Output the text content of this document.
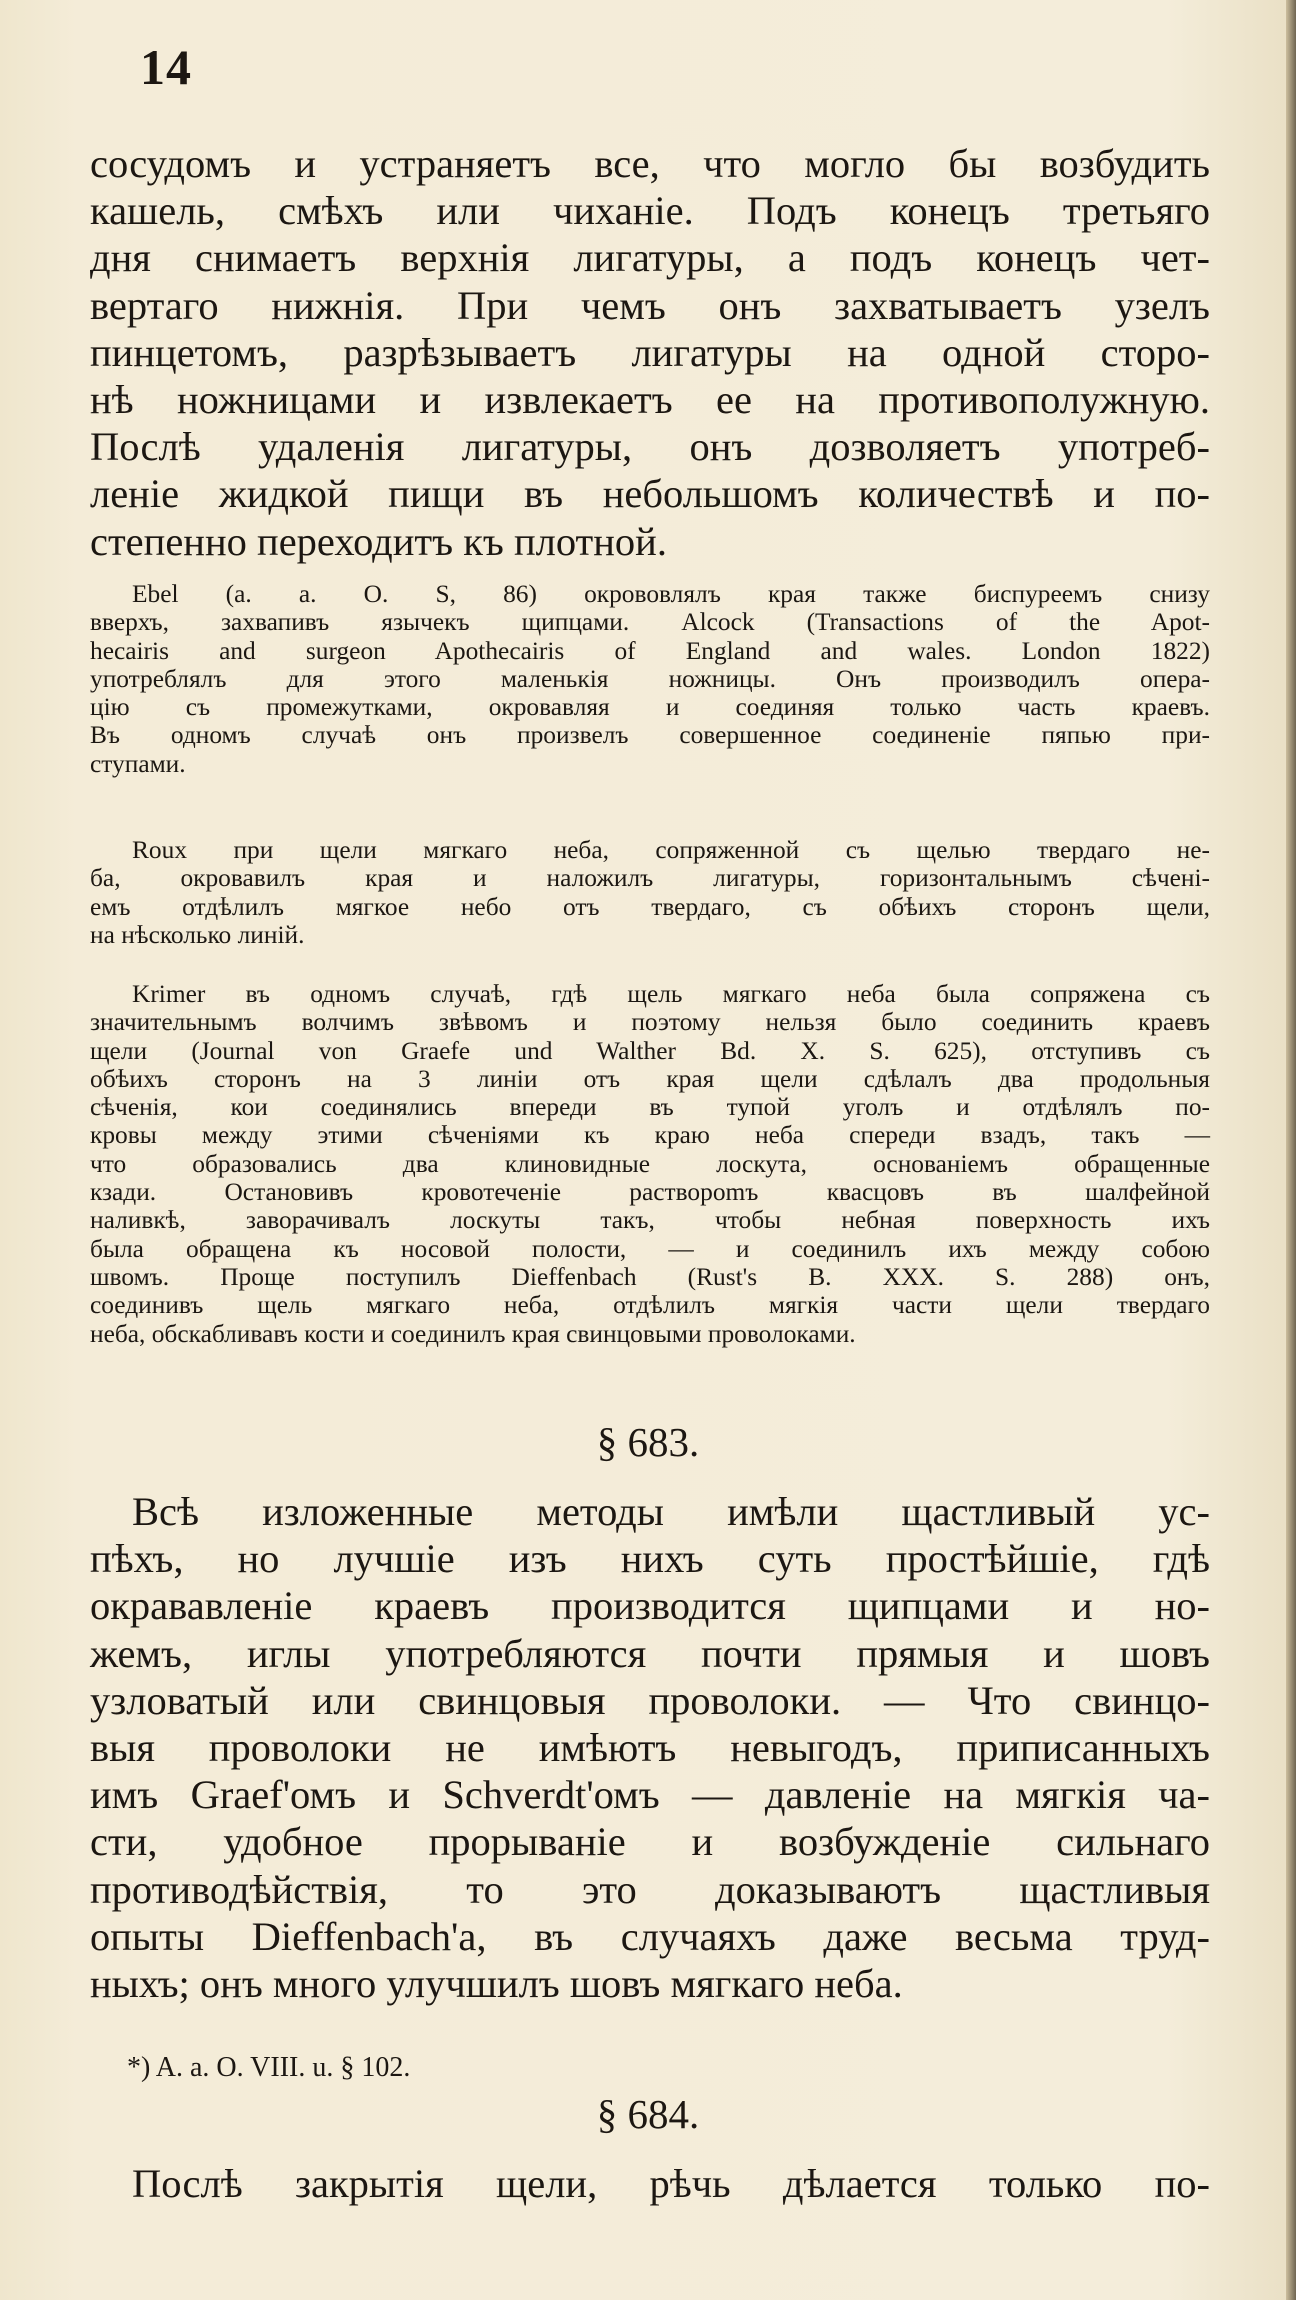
14
сосудомъ и устраняетъ все, что могло бы возбудить
кашель, смѣхъ или чиханіе. Подъ конецъ третьяго
дня снимаетъ верхнія лигатуры, а подъ конецъ чет-
вертаго нижнія. При чемъ онъ захватываетъ узелъ
пинцетомъ, разрѣзываетъ лигатуры на одной сторо-
нѣ ножницами и извлекаетъ ее на противополужную.
Послѣ удаленія лигатуры, онъ дозволяетъ употреб-
леніе жидкой пищи въ небольшомъ количествѣ и по-
степенно переходитъ къ плотной.
Ebel (a. a. O. S, 86) окрововлялъ края также биспуреемъ снизу
вверхъ, захвапивъ язычекъ щипцами. Alcock (Transactions of the Apot-
hecairis and surgeon Apothecairis of England and wales. London 1822)
употреблялъ для этого маленькія ножницы. Онъ производилъ опера-
цію съ промежутками, окровавляя и соединяя только часть краевъ.
Въ одномъ случаѣ онъ произвелъ совершенное соединеніе пяпью при-
ступами.
Roux при щели мягкаго неба, сопряженной съ щелью твердаго не-
ба, окровавилъ края и наложилъ лигатуры, горизонтальнымъ сѣченi-
емъ отдѣлилъ мягкое небо отъ твердаго, съ обѣихъ сторонъ щели,
на нѣсколько линій.
Krimer въ одномъ случаѣ, гдѣ щель мягкаго неба была сопряжена съ
значительнымъ волчимъ звѣвомъ и поэтому нельзя было соединить краевъ
щели (Journal von Graefe und Walther Bd. X. S. 625), отступивъ съ
обѣихъ сторонъ на 3 линіи отъ края щели сдѣлалъ два продольныя
сѣченія, кои соединялись впереди въ тупой уголъ и отдѣлялъ по-
кровы между этими сѣченіями къ краю неба спереди взадъ, такъ —
что образовались два клиновидные лоскута, основаніемъ обращенные
кзади. Остановивъ кровотеченіе раствороmъ квасцовъ въ шалфейной
наливкѣ, заворачивалъ лоскуты такъ, чтобы небная поверхность ихъ
была обращена къ носовой полости, — и соединилъ ихъ между собою
швомъ. Проще поступилъ Dieffenbach (Rust's B. XXX. S. 288) онъ,
соединивъ щель мягкаго неба, отдѣлилъ мягкія части щели твердаго
неба, обскабливавъ кости и соединилъ края свинцовыми проволоками.
§ 683.
Всѣ изложенные методы имѣли щастливый ус-
пѣхъ, но лучшіе изъ нихъ суть простѣйшіе, гдѣ
окрававленіе краевъ производится щипцами и но-
жемъ, иглы употребляются почти прямыя и шовъ
узловатый или свинцовыя проволоки. — Что свинцо-
выя проволоки не имѣютъ невыгодъ, приписанныхъ
имъ Graef'омъ и Schverdt'омъ — давленіе на мягкія ча-
сти, удобное прорываніе и возбужденіе сильнаго
противодѣйствія, то это доказываютъ щастливыя
опыты Dieffenbach'а, въ случаяхъ даже весьма труд-
ныхъ; онъ много улучшилъ шовъ мягкаго неба.
*) A. a. O. VIII. u. § 102.
§ 684.
Послѣ закрытія щели, рѣчь дѣлается только по-
